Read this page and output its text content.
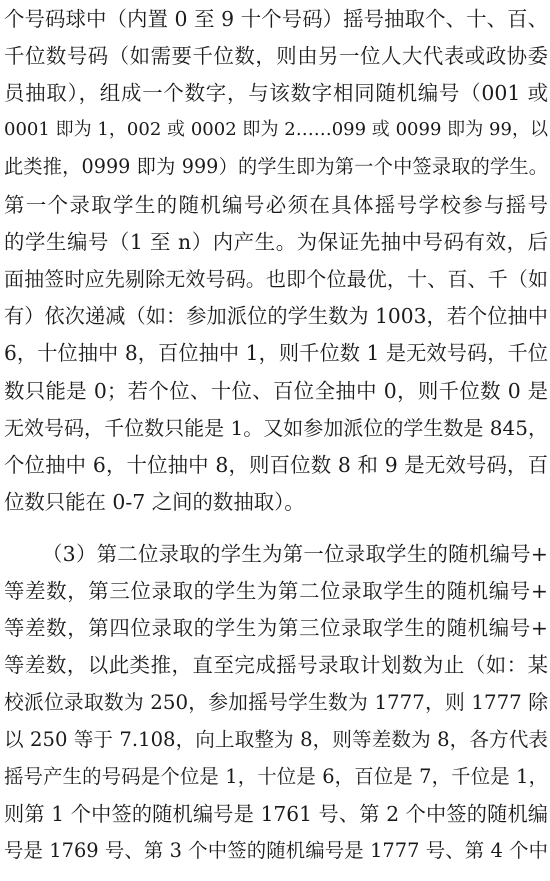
个号码球中（内置 0 至 9 十个号码）摇号抽取个、十、百、
千位数号码（如需要千位数，则由另一位人大代表或政协委
员抽取），组成一个数字，与该数字相同随机编号（001 或
0001 即为 1，002 或 0002 即为 2……099 或 0099 即为 99，以
此类推，0999 即为 999）的学生即为第一个中签录取的学生。
第一个录取学生的随机编号必须在具体摇号学校参与摇号
的学生编号（1 至 n）内产生。为保证先抽中号码有效，后
面抽签时应先剔除无效号码。也即个位最优，十、百、千（如
有）依次递减（如：参加派位的学生数为 1003，若个位抽中
6，十位抽中 8，百位抽中 1，则千位数 1 是无效号码，千位
数只能是 0；若个位、十位、百位全抽中 0，则千位数 0 是
无效号码，千位数只能是 1。又如参加派位的学生数是 845，
个位抽中 6，十位抽中 8，则百位数 8 和 9 是无效号码，百
位数只能在 0-7 之间的数抽取）。
（3）第二位录取的学生为第一位录取学生的随机编号+
等差数，第三位录取的学生为第二位录取学生的随机编号+
等差数，第四位录取的学生为第三位录取学生的随机编号+
等差数，以此类推，直至完成摇号录取计划数为止（如：某
校派位录取数为 250，参加摇号学生数为 1777，则 1777 除
以 250 等于 7.108，向上取整为 8，则等差数为 8，各方代表
摇号产生的号码是个位是 1，十位是 6，百位是 7，千位是 1，
则第 1 个中签的随机编号是 1761 号、第 2 个中签的随机编
号是 1769 号、第 3 个中签的随机编号是 1777 号、第 4 个中
